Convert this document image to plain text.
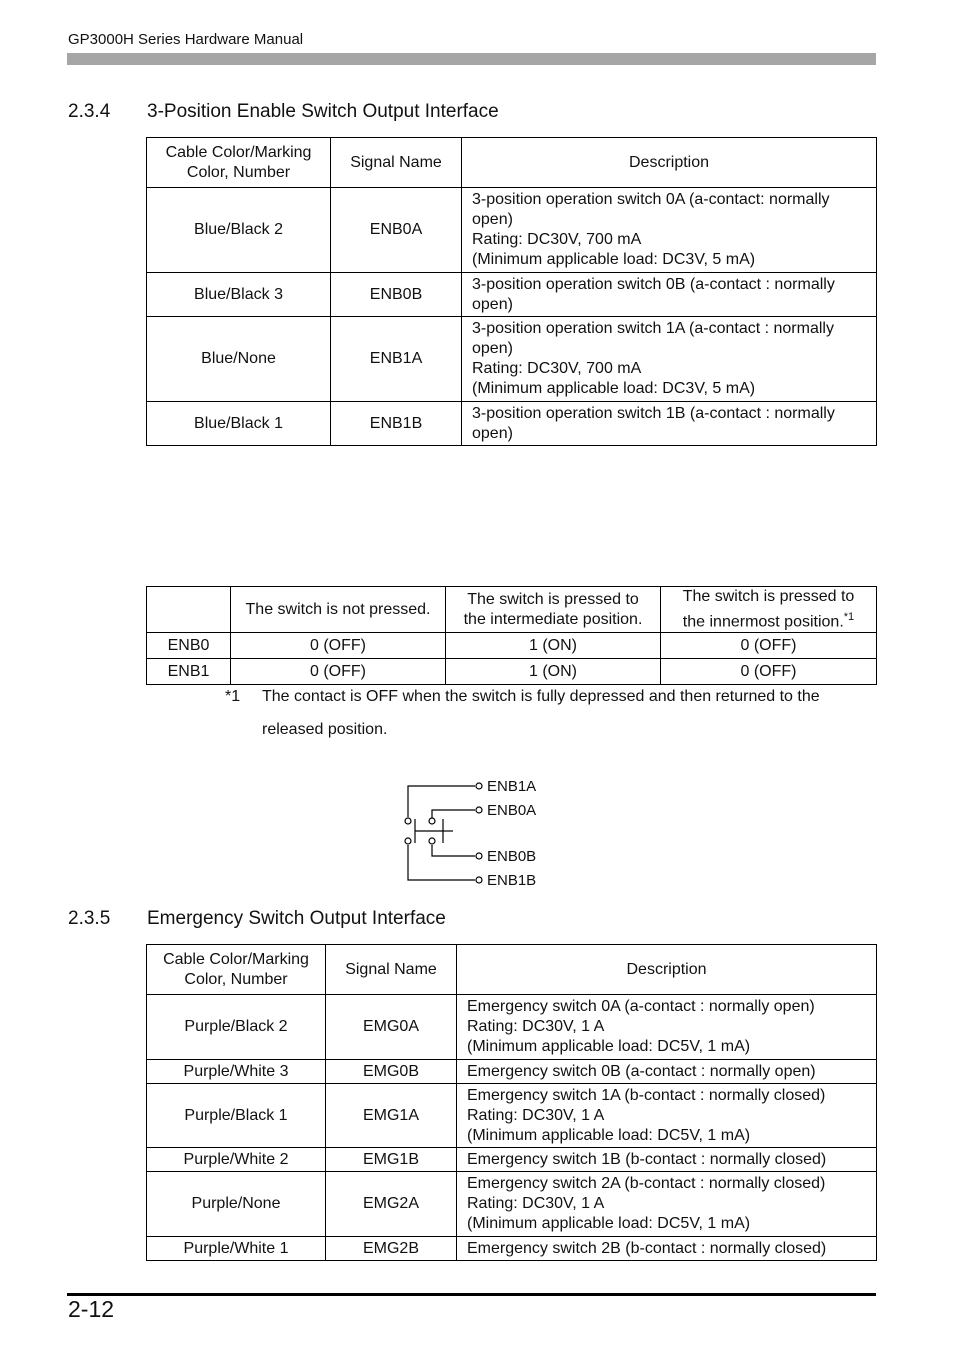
GP3000H Series Hardware Manual
2.3.4 3-Position Enable Switch Output Interface
Cable Color/Marking Color, Number	Signal Name	Description
Blue/Black 2	ENB0A	3-position operation switch 0A (a-contact: normally open)
Rating: DC30V, 700 mA
(Minimum applicable load: DC3V, 5 mA)

Blue/Black 3	ENB0B	3-position operation switch 0B (a-contact : normally open)

Blue/None	ENB1A	3-position operation switch 1A (a-contact : normally open)
Rating: DC30V, 700 mA
(Minimum applicable load: DC3V, 5 mA)

Blue/Black 1	ENB1B	3-position operation switch 1B (a-contact : normally open)
	The switch is not pressed.	The switch is pressed to the intermediate position.	The switch is pressed to the innermost position.$^{*1}$
ENB0	0 (OFF)	1 (ON)	0 (OFF)
ENB1	0 (OFF)	1 (ON)	0 (OFF)
*1 The contact is OFF when the switch is fully depressed and then returned to the
released position.
ENB1A
ENB0A
ENB0B
ENB1B
2.3.5 Emergency Switch Output Interface
Cable Color/Marking Color, Number	Signal Name	Description
Purple/Black 2	EMG0A	Emergency switch 0A (a-contact : normally open)
Rating: DC30V, 1 A
(Minimum applicable load: DC5V, 1 mA)

Purple/White 3	EMG0B	Emergency switch 0B (a-contact : normally open)

Purple/Black 1	EMG1A	Emergency switch 1A (b-contact : normally closed)
Rating: DC30V, 1 A
(Minimum applicable load: DC5V, 1 mA)

Purple/White 2	EMG1B	Emergency switch 1B (b-contact : normally closed)

Purple/None	EMG2A	Emergency switch 2A (b-contact : normally closed)
Rating: DC30V, 1 A
(Minimum applicable load: DC5V, 1 mA)

Purple/White 1	EMG2B	Emergency switch 2B (b-contact : normally closed)
2-12
